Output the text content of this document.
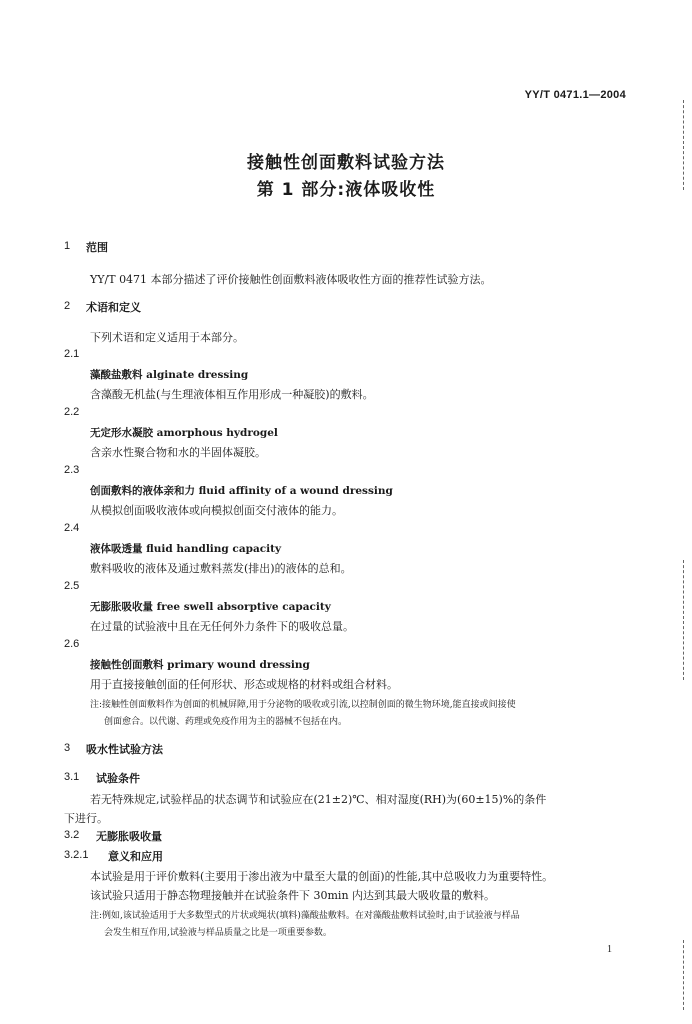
YY/T 0471.1—2004
接触性创面敷料试验方法
第 1 部分:液体吸收性
1 范围
YY/T 0471 本部分描述了评价接触性创面敷料液体吸收性方面的推荐性试验方法。
2 术语和定义
下列术语和定义适用于本部分。
2.1
藻酸盐敷料 alginate dressing
含藻酸无机盐(与生理液体相互作用形成一种凝胶)的敷料。
2.2
无定形水凝胶 amorphous hydrogel
含亲水性聚合物和水的半固体凝胶。
2.3
创面敷料的液体亲和力 fluid affinity of a wound dressing
从模拟创面吸收液体或向模拟创面交付液体的能力。
2.4
液体吸透量 fluid handling capacity
敷料吸收的液体及通过敷料蒸发(排出)的液体的总和。
2.5
无膨胀吸收量 free swell absorptive capacity
在过量的试验液中且在无任何外力条件下的吸收总量。
2.6
接触性创面敷料 primary wound dressing
用于直接接触创面的任何形状、形态或规格的材料或组合材料。
注:接触性创面敷料作为创面的机械屏障,用于分泌物的吸收或引流,以控制创面的微生物环境,能直接或间接使
创面愈合。以代谢、药理或免疫作用为主的器械不包括在内。
3 吸水性试验方法
3.1 试验条件
若无特殊规定,试验样品的状态调节和试验应在(21±2)℃、相对湿度(RH)为(60±15)%的条件
下进行。
3.2 无膨胀吸收量
3.2.1 意义和应用
本试验是用于评价敷料(主要用于渗出液为中量至大量的创面)的性能,其中总吸收力为重要特性。
该试验只适用于静态物理接触并在试验条件下 30min 内达到其最大吸收量的敷料。
注:例如,该试验适用于大多数型式的片状或绳状(填料)藻酸盐敷料。在对藻酸盐敷料试验时,由于试验液与样品
会发生相互作用,试验液与样品质量之比是一项重要参数。
1
